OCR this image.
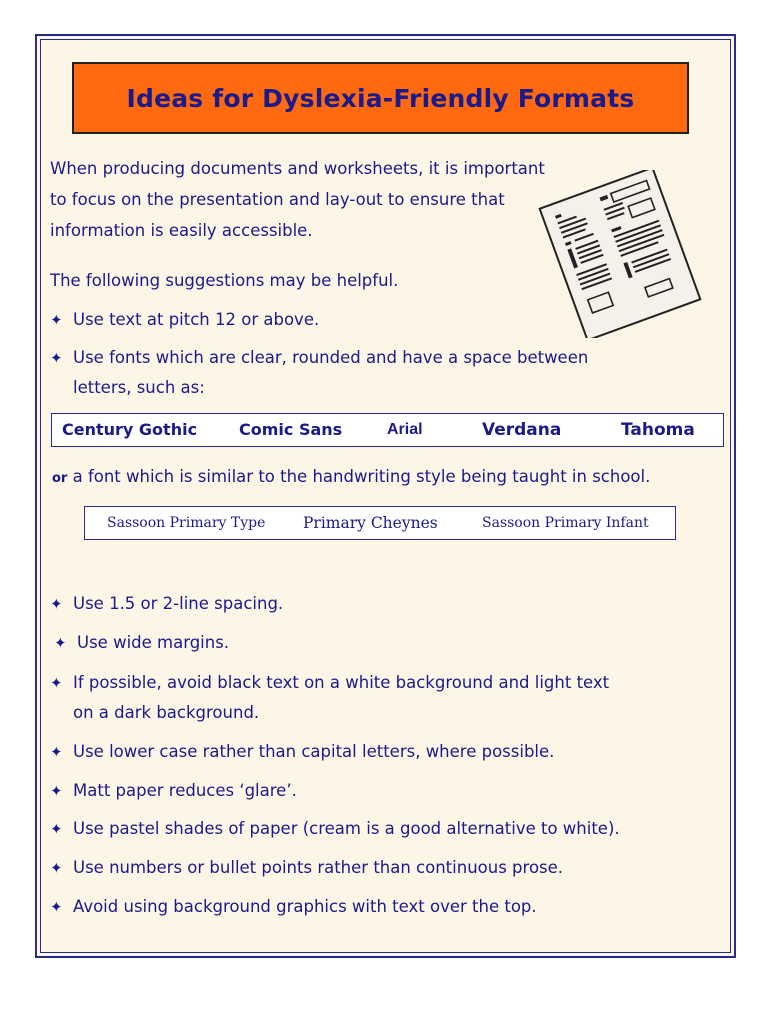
Ideas for Dyslexia-Friendly Formats
When producing documents and worksheets, it is important
to focus on the presentation and lay-out to ensure that
information is easily accessible.
The following suggestions may be helpful.
✦ Use text at pitch 12 or above.
✦ Use fonts which are clear, rounded and have a space between
letters, such as:
Century Gothic	Comic Sans	Arial	Verdana	Tahoma
or a font which is similar to the handwriting style being taught in school.
Sassoon Primary Type Primary Cheynes	Sassoon Primary Infant
✦ Use 1.5 or 2-line spacing.
✦ Use wide margins.
✦ If possible, avoid black text on a white background and light text
on a dark background.
✦ Use lower case rather than capital letters, where possible.
✦ Matt paper reduces ‘glare’.
✦ Use pastel shades of paper (cream is a good alternative to white).
✦ Use numbers or bullet points rather than continuous prose.
✦ Avoid using background graphics with text over the top.
